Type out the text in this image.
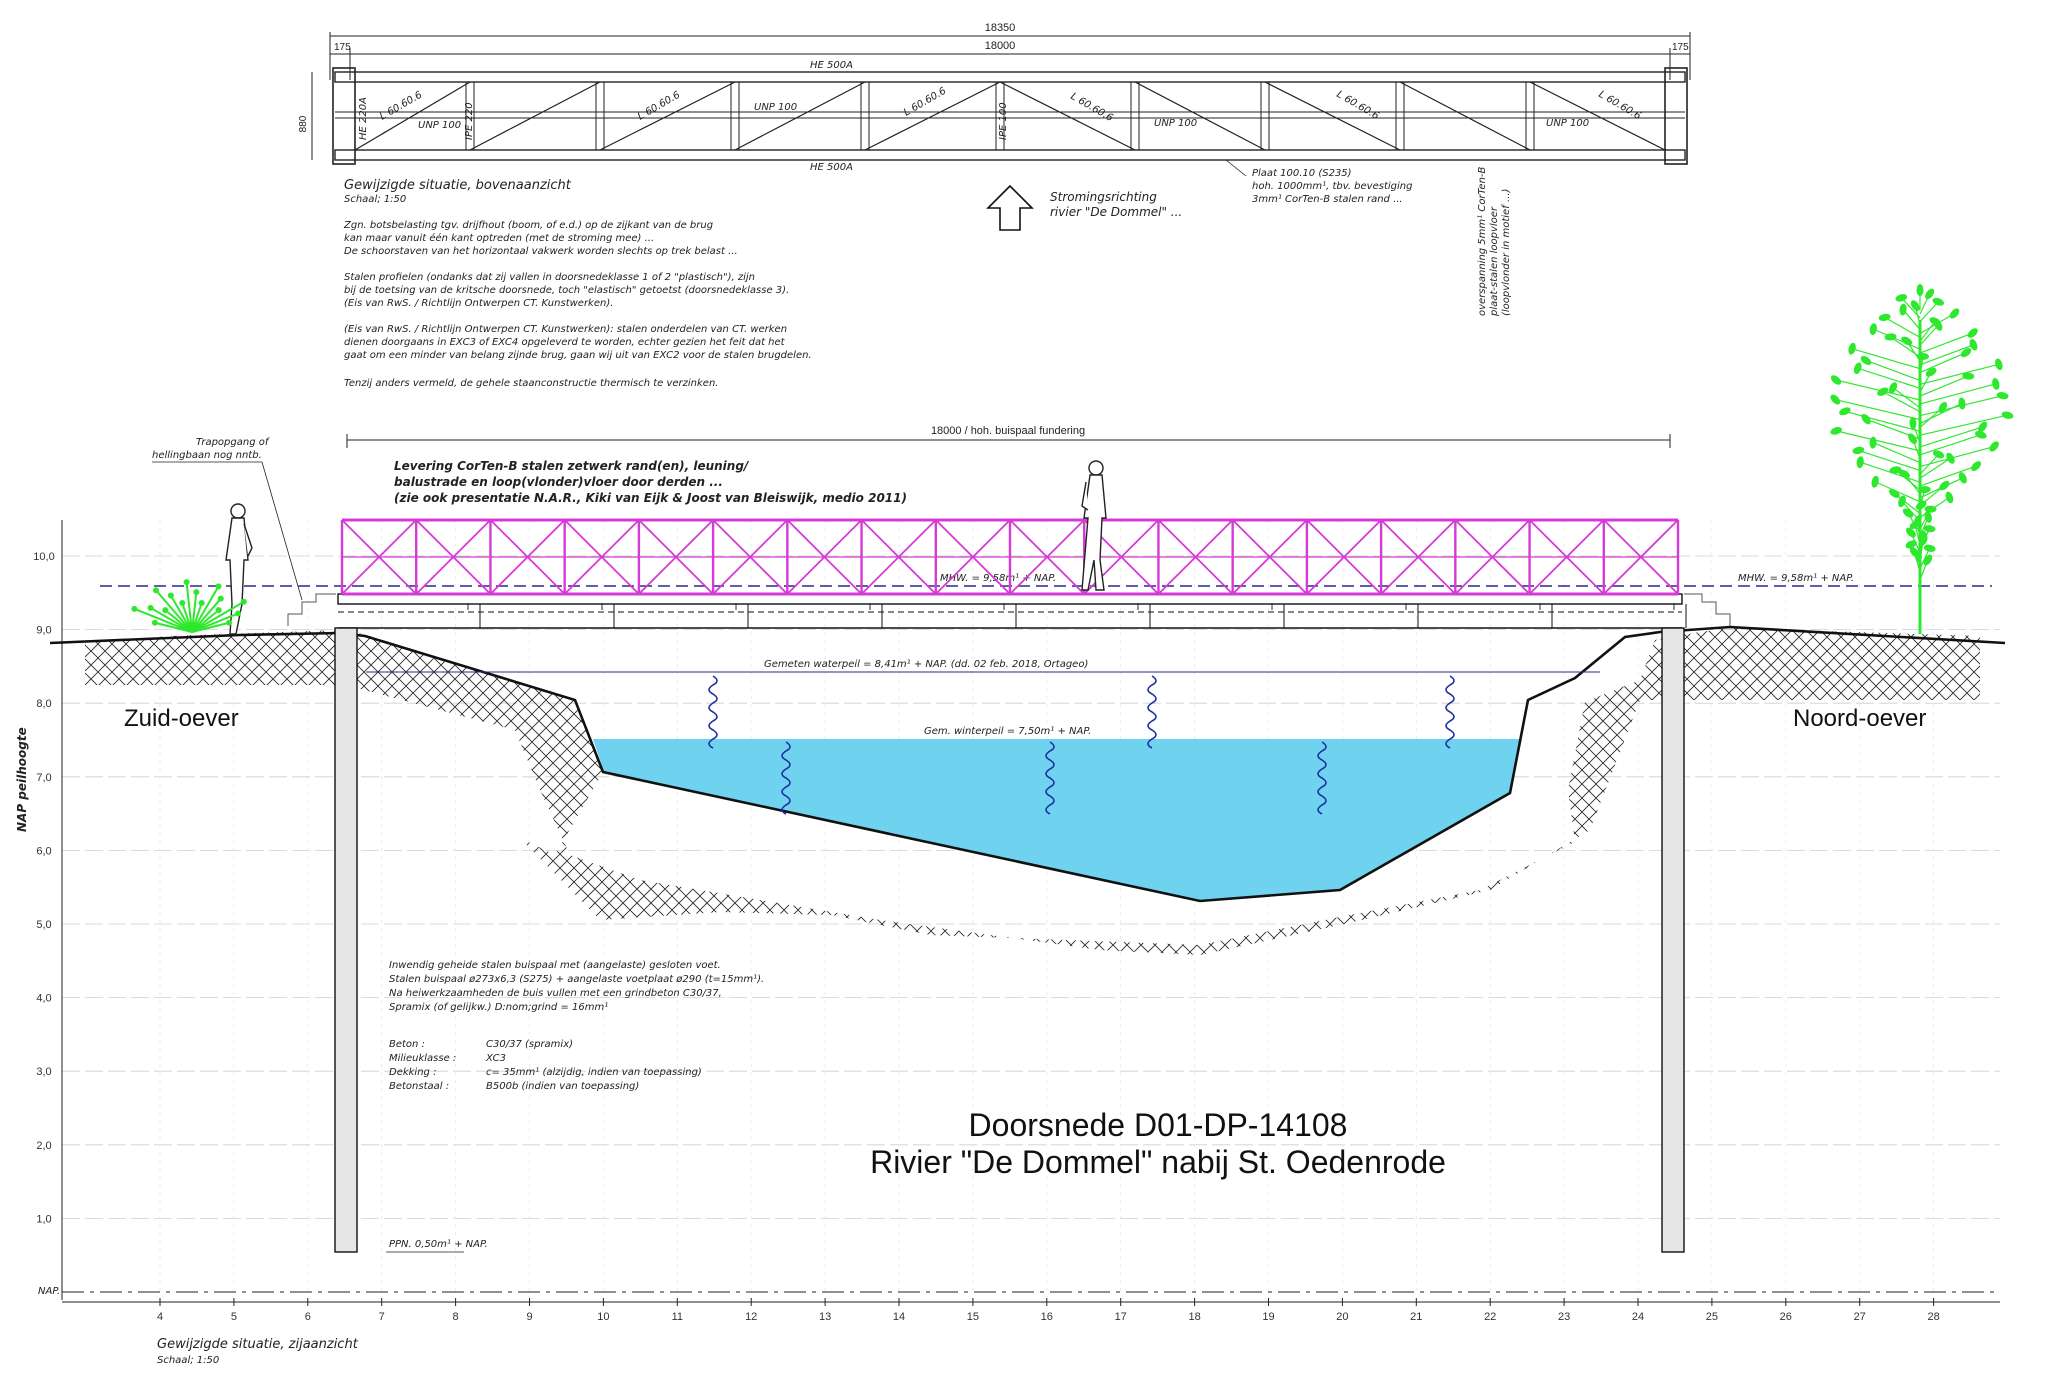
18350
18000
175	175
880
HE 500A
HE 500A
HE 220A	IPE 220	IPE 100
UNP 100
UNP 100
UNP 100	UNP 100
L 60.60.6	L 60.60.6	L 60.60.6	L 60.60.6	L 60.60.6	L 60.60.6
Gewijzigde situatie, bovenaanzicht
Schaal; 1:50	Stromingsrichting
rivier "De Dommel" ...
Plaat 100.10 (S235)
hoh. 1000mm¹, tbv. bevestiging
3mm¹ CorTen-B stalen rand ...	overspanning 5mm¹ CorTen-B plaat-stalen loopvloer (loopvlonder in motief ...)
Zgn. botsbelasting tgv. drijfhout (boom, of e.d.) op de zijkant van de brug
kan maar vanuit één kant optreden (met de stroming mee) ...
De schoorstaven van het horizontaal vakwerk worden slechts op trek belast ...
Stalen profielen (ondanks dat zij vallen in doorsnedeklasse 1 of 2 "plastisch"), zijn
bij de toetsing van de kritsche doorsnede, toch "elastisch" getoetst (doorsnedeklasse 3).
(Eis van RwS. / Richtlijn Ontwerpen CT. Kunstwerken).
(Eis van RwS. / Richtlijn Ontwerpen CT. Kunstwerken): stalen onderdelen van CT. werken
dienen doorgaans in EXC3 of EXC4 opgeleverd te worden, echter gezien het feit dat het
gaat om een minder van belang zijnde brug, gaan wij uit van EXC2 voor de stalen brugdelen.
Tenzij anders vermeld, de gehele staanconstructie thermisch te verzinken.
10,0
9,0
8,0
7,0
6,0
5,0
4,0
3,0
2,0
1,0
NAP peilhoogte
4	5	6	7	8	9	10	11	12	13	14	15	16	17	18	19	20	21	22	23	24	25	26	27	28
18000 / hoh. buispaal fundering
Gemeten waterpeil = 8,41m¹ + NAP. (dd. 02 feb. 2018, Ortageo)
Gem. winterpeil = 7,50m¹ + NAP.
MHW. = 9,58m¹ + NAP.	MHW. = 9,58m¹ + NAP.
I	I	I	I	I	I	I	I	I	I
Trapopgang of
hellingbaan nog nntb.
Levering CorTen-B stalen zetwerk rand(en), leuning/
balustrade en loop(vlonder)vloer door derden ...
(zie ook presentatie N.A.R., Kiki van Eijk & Joost van Bleiswijk, medio 2011)
Zuid-oever	Noord-oever
Inwendig geheide stalen buispaal met (aangelaste) gesloten voet.
Stalen buispaal ø273x6,3 (S275) + aangelaste voetplaat ø290 (t=15mm¹).
Na heiwerkzaamheden de buis vullen met een grindbeton C30/37,
Spramix (of gelijkw.) D:nom;grind = 16mm¹
Beton :	C30/37 (spramix)
Milieuklasse :	XC3
Dekking :	c= 35mm¹ (alzijdig, indien van toepassing)
Betonstaal :	B500b (indien van toepassing)
Doorsnede D01-DP-14108
Rivier "De Dommel" nabij St. Oedenrode
PPN. 0,50m¹ + NAP.
NAP.
Gewijzigde situatie, zijaanzicht
Schaal; 1:50
